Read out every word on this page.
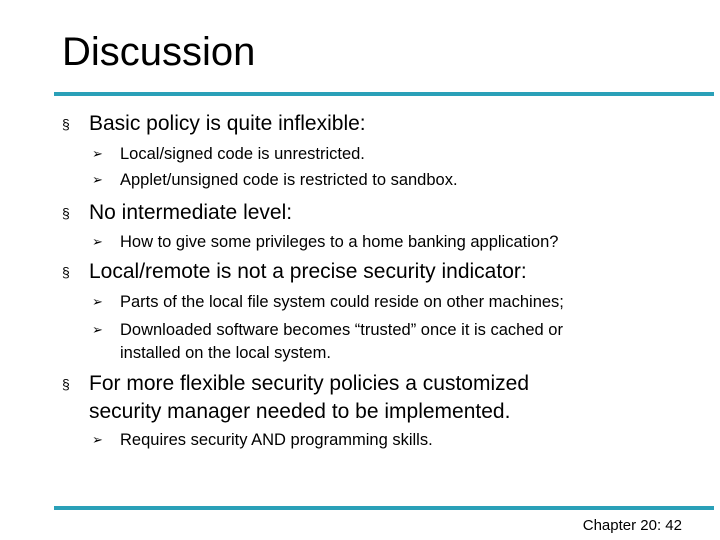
Discussion
§ Basic policy is quite inflexible:
➢ Local/signed code is unrestricted.
➢ Applet/unsigned code is restricted to sandbox.
§ No intermediate level:
➢ How to give some privileges to a home banking application?
§ Local/remote is not a precise security indicator:
➢ Parts of the local file system could reside on other machines;
➢ Downloaded software becomes “trusted” once it is cached or
installed on the local system.
§ For more flexible security policies a customized
security manager needed to be implemented.
➢ Requires security AND programming skills.
Chapter 20: 42
